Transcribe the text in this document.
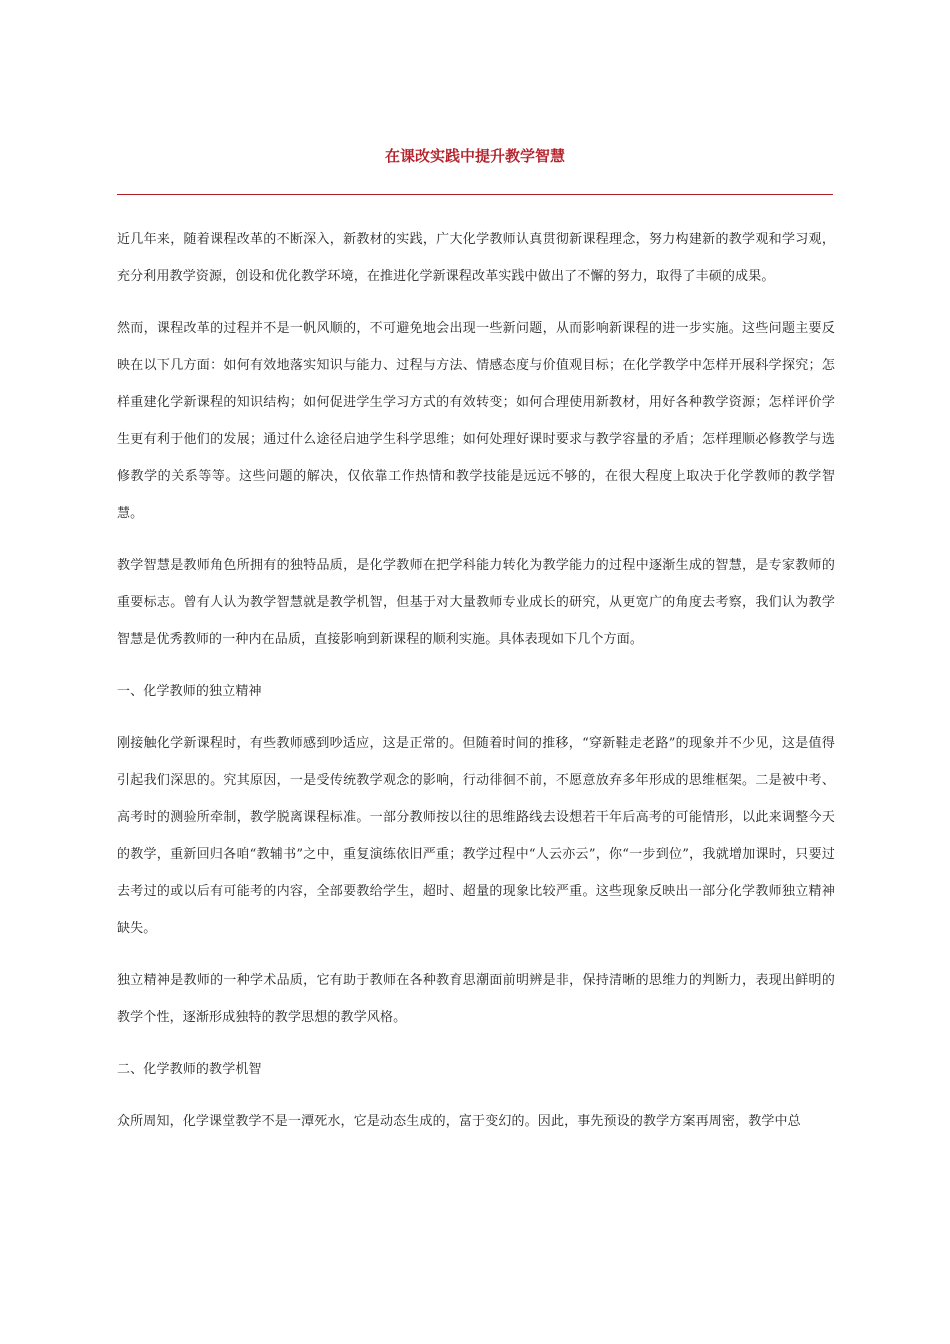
在课改实践中提升教学智慧

近几年来，随着课程改革的不断深入，新教材的实践，广大化学教师认真贯彻新课程理念，努力构建新的教学观和学习观，充分利用教学资源，创设和优化教学环境，在推进化学新课程改革实践中做出了不懈的努力，取得了丰硕的成果。

然而，课程改革的过程并不是一帆风顺的，不可避免地会出现一些新问题，从而影响新课程的进一步实施。这些问题主要反映在以下几方面：如何有效地落实知识与能力、过程与方法、情感态度与价值观目标；在化学教学中怎样开展科学探究；怎样重建化学新课程的知识结构；如何促进学生学习方式的有效转变；如何合理使用新教材，用好各种教学资源；怎样评价学生更有利于他们的发展；通过什么途径启迪学生科学思维；如何处理好课时要求与教学容量的矛盾；怎样理顺必修教学与选修教学的关系等等。这些问题的解决，仅依靠工作热情和教学技能是远远不够的，在很大程度上取决于化学教师的教学智慧。

教学智慧是教师角色所拥有的独特品质，是化学教师在把学科能力转化为教学能力的过程中逐渐生成的智慧，是专家教师的重要标志。曾有人认为教学智慧就是教学机智，但基于对大量教师专业成长的研究，从更宽广的角度去考察，我们认为教学智慧是优秀教师的一种内在品质，直接影响到新课程的顺利实施。具体表现如下几个方面。

一、化学教师的独立精神

刚接触化学新课程时，有些教师感到吵适应，这是正常的。但随着时间的推移，“穿新鞋走老路”的现象并不少见，这是值得引起我们深思的。究其原因，一是受传统教学观念的影响，行动徘徊不前，不愿意放弃多年形成的思维框架。二是被中考、高考时的测验所牵制，教学脱离课程标准。一部分教师按以往的思维路线去设想若干年后高考的可能情形，以此来调整今天的教学，重新回归各咱“教辅书”之中，重复演练依旧严重；教学过程中“人云亦云”，你“一步到位”，我就增加课时，只要过去考过的或以后有可能考的内容，全部要教给学生，超时、超量的现象比较严重。这些现象反映出一部分化学教师独立精神缺失。

独立精神是教师的一种学术品质，它有助于教师在各种教育思潮面前明辨是非，保持清晰的思维力的判断力，表现出鲜明的教学个性，逐渐形成独特的教学思想的教学风格。

二、化学教师的教学机智

众所周知，化学课堂教学不是一潭死水，它是动态生成的，富于变幻的。因此，事先预设的教学方案再周密，教学中总
